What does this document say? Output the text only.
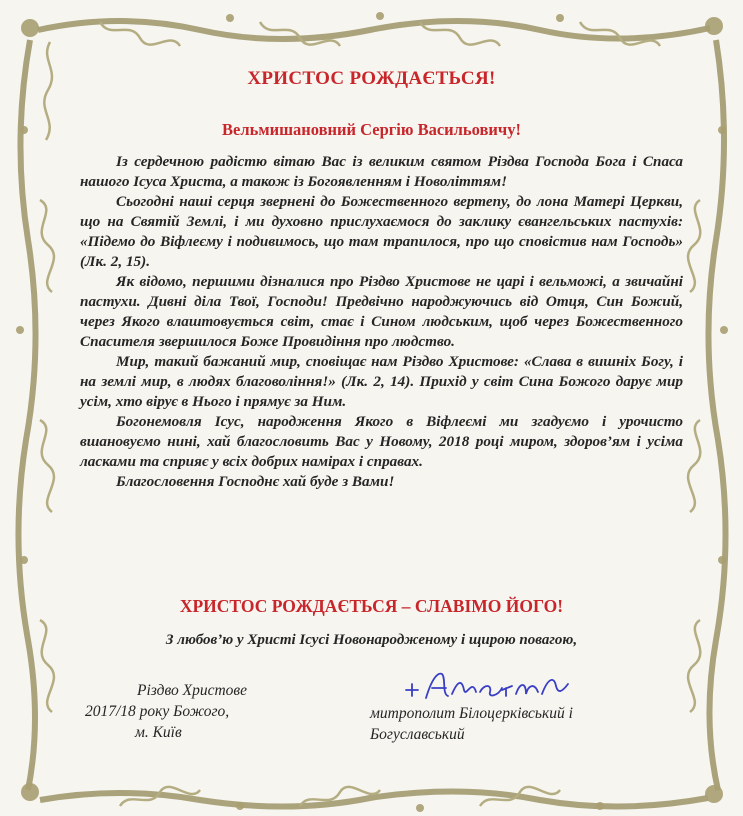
ХРИСТОС РОЖДАЄТЬСЯ!
Вельмишановний Сергію Васильовичу!

Із сердечною радістю вітаю Вас із великим святом Різдва Господа Бога і Спаса нашого Ісуса Христа, а також із Богоявленням і Новоліттям!

Сьогодні наші серця звернені до Божественного вертепу, до лона Матері Церкви, що на Святій Землі, і ми духовно прислухаємося до заклику євангельських пастухів: «Підемо до Віфлеєму і подивимось, що там трапилося, про що сповістив нам Господь» (Лк. 2, 15).

Як відомо, першими дізналися про Різдво Христове не царі і вельможі, а звичайні пастухи. Дивні діла Твої, Господи! Предвічно народжуючись від Отця, Син Божий, через Якого влаштовується світ, стає і Сином людським, щоб через Божественного Спасителя звершилося Боже Провидіння про людство.

Мир, такий бажаний мир, сповіщає нам Різдво Христове: «Слава в вишніх Богу, і на землі мир, в людях благовоління!» (Лк. 2, 14). Прихід у світ Сина Божого дарує мир усім, хто вірує в Нього і прямує за Ним.

Богонемовля Ісус, народження Якого в Віфлеємі ми згадуємо і урочисто вшановуємо нині, хай благословить Вас у Новому, 2018 році миром, здоров’ям і усіма ласками та сприяє у всіх добрих намірах і справах.

Благословення Господнє хай буде з Вами!

ХРИСТОС РОЖДАЄТЬСЯ – СЛАВІМО ЙОГО!
З любов’ю у Христі Ісусі Новонародженому і щирою повагою,
Різдво Христове
2017/18 року Божого,
м. Київ
митрополит Білоцерківський і
Богуславський
